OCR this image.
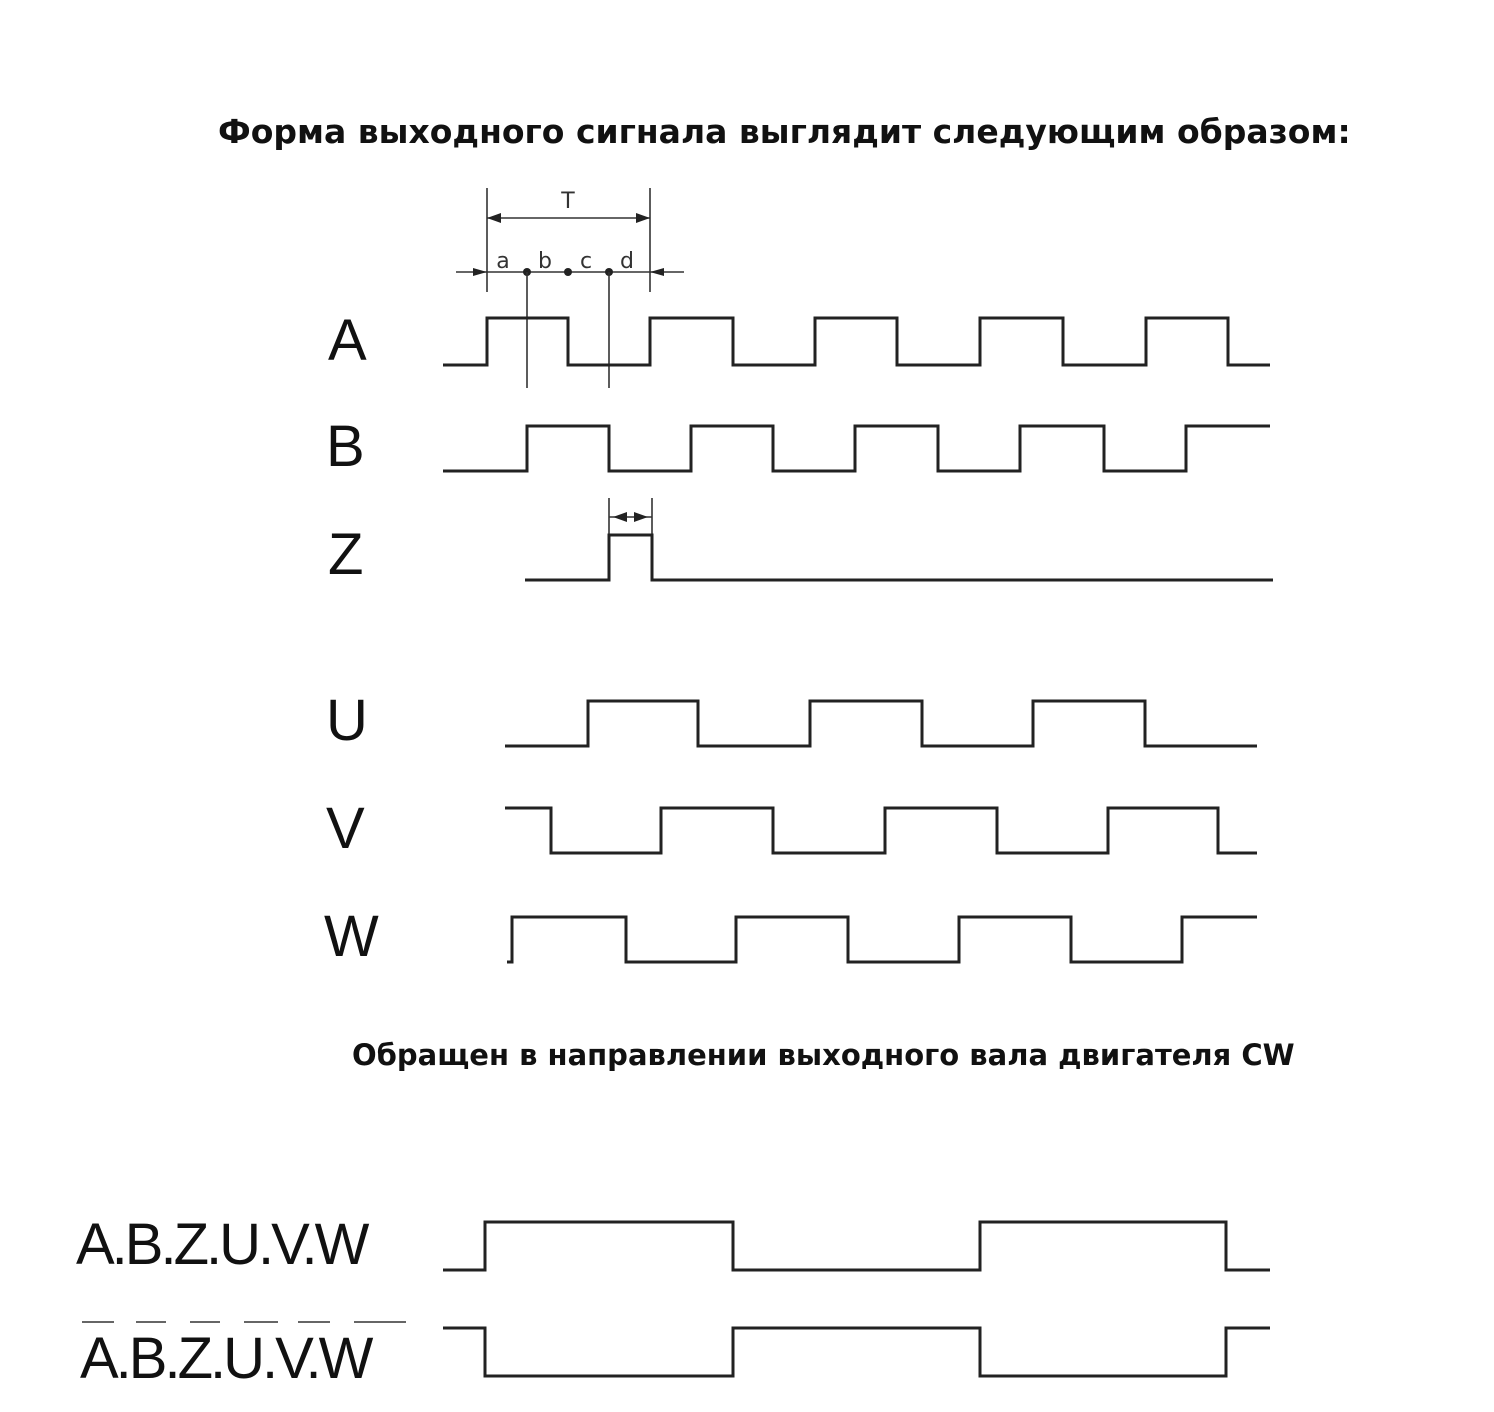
Форма выходного сигнала выглядит следующим образом:
A
B
Z
U
V
W
Обращен в направлении выходного вала двигателя CW
A.B.Z.U.V.W
A.B.Z.U.V.W
T
a b c d
